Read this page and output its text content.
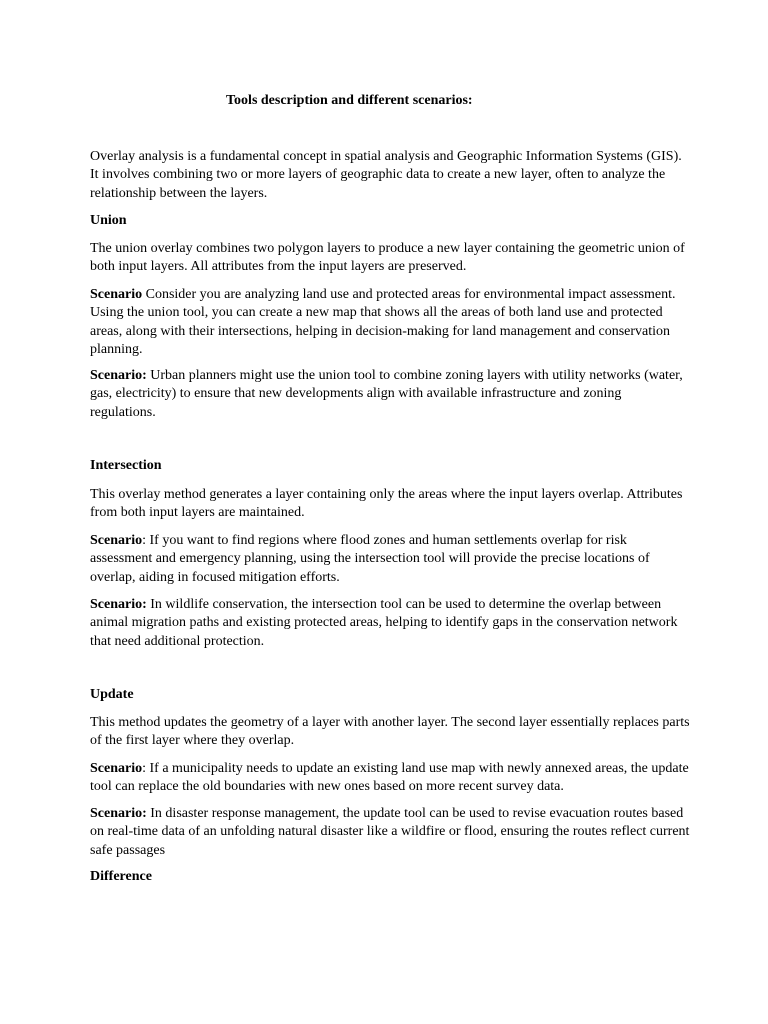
Tools description and different scenarios:

Overlay analysis is a fundamental concept in spatial analysis and Geographic Information Systems (GIS). It involves combining two or more layers of geographic data to create a new layer, often to analyze the relationship between the layers.

Union

The union overlay combines two polygon layers to produce a new layer containing the geometric union of both input layers. All attributes from the input layers are preserved.

Scenario Consider you are analyzing land use and protected areas for environmental impact assessment. Using the union tool, you can create a new map that shows all the areas of both land use and protected areas, along with their intersections, helping in decision-making for land management and conservation planning.

Scenario: Urban planners might use the union tool to combine zoning layers with utility networks (water, gas, electricity) to ensure that new developments align with available infrastructure and zoning regulations.

Intersection

This overlay method generates a layer containing only the areas where the input layers overlap. Attributes from both input layers are maintained.

Scenario: If you want to find regions where flood zones and human settlements overlap for risk assessment and emergency planning, using the intersection tool will provide the precise locations of overlap, aiding in focused mitigation efforts.

Scenario: In wildlife conservation, the intersection tool can be used to determine the overlap between animal migration paths and existing protected areas, helping to identify gaps in the conservation network that need additional protection.

Update

This method updates the geometry of a layer with another layer. The second layer essentially replaces parts of the first layer where they overlap.

Scenario: If a municipality needs to update an existing land use map with newly annexed areas, the update tool can replace the old boundaries with new ones based on more recent survey data.

Scenario: In disaster response management, the update tool can be used to revise evacuation routes based on real-time data of an unfolding natural disaster like a wildfire or flood, ensuring the routes reflect current safe passages

Difference
